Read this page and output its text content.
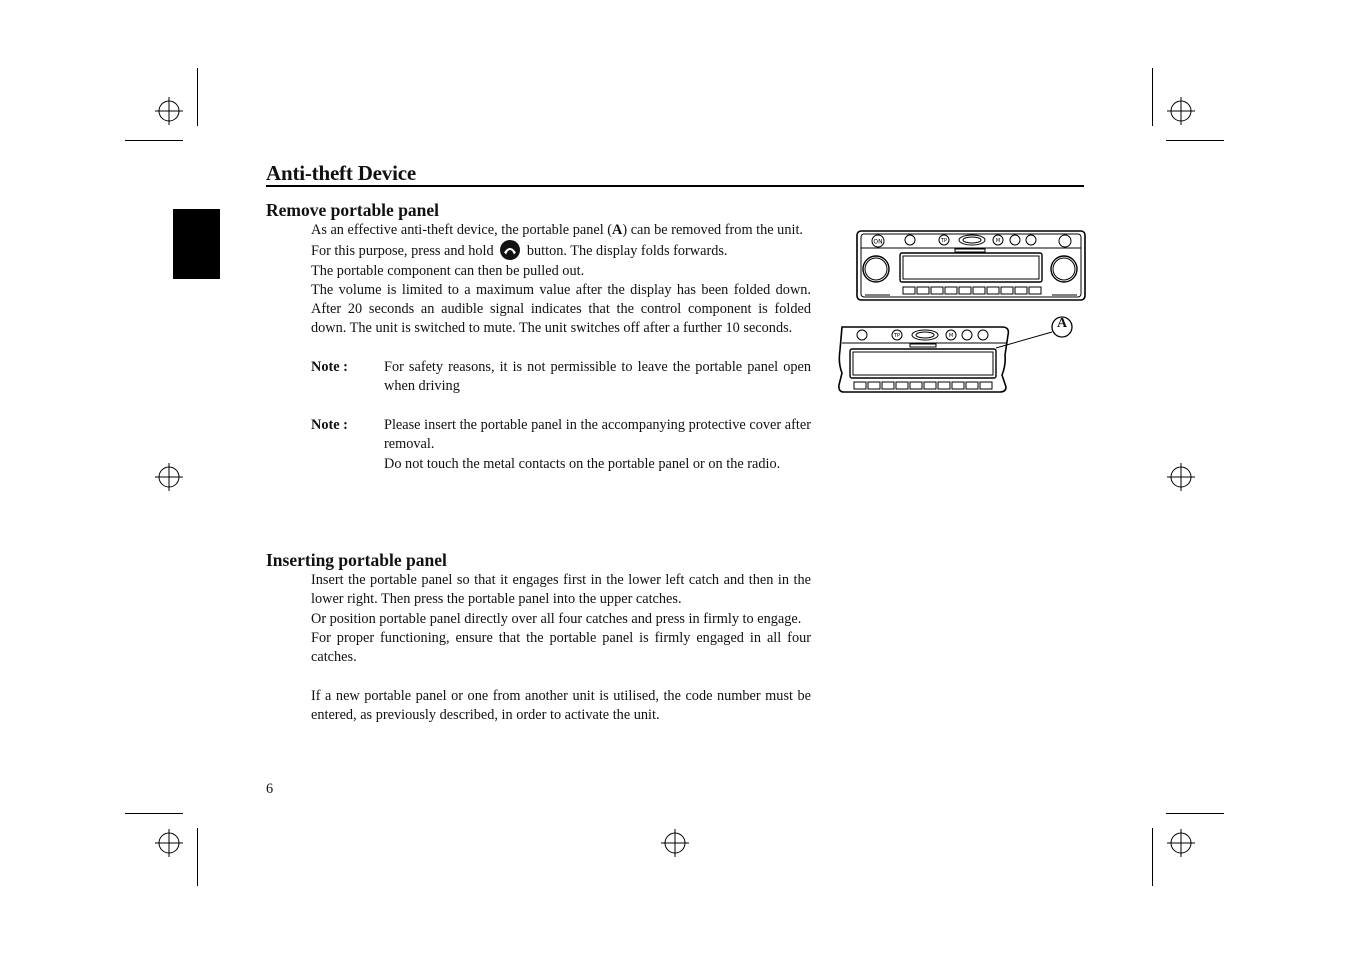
Anti-theft Device
Remove portable panel

As an effective anti-theft device, the portable panel (A) can be removed from the unit.

For this purpose, press and hold button. The display folds forwards.

The portable component can then be pulled out.

The volume is limited to a maximum value after the display has been folded down. After 20 seconds an audible signal indicates that the control component is folded down. The unit is switched to mute. The unit switches off after a further 10 seconds.

Note :	For safety reasons, it is not permissible to leave the portable panel open when driving
Note :	Please insert the portable panel in the accompanying protective cover after removal.

Do not touch the metal contacts on the portable panel or on the radio.

Inserting portable panel

Insert the portable panel so that it engages first in the lower left catch and then in the lower right. Then press the portable panel into the upper catches.

Or position portable panel directly over all four catches and press in firmly to engage.

For proper functioning, ensure that the portable panel is firmly engaged in all four catches.

If a new portable panel or one from another unit is utilised, the code number must be entered, as previously described, in order to activate the unit.

ON	TP	M
TP	M
A
6
